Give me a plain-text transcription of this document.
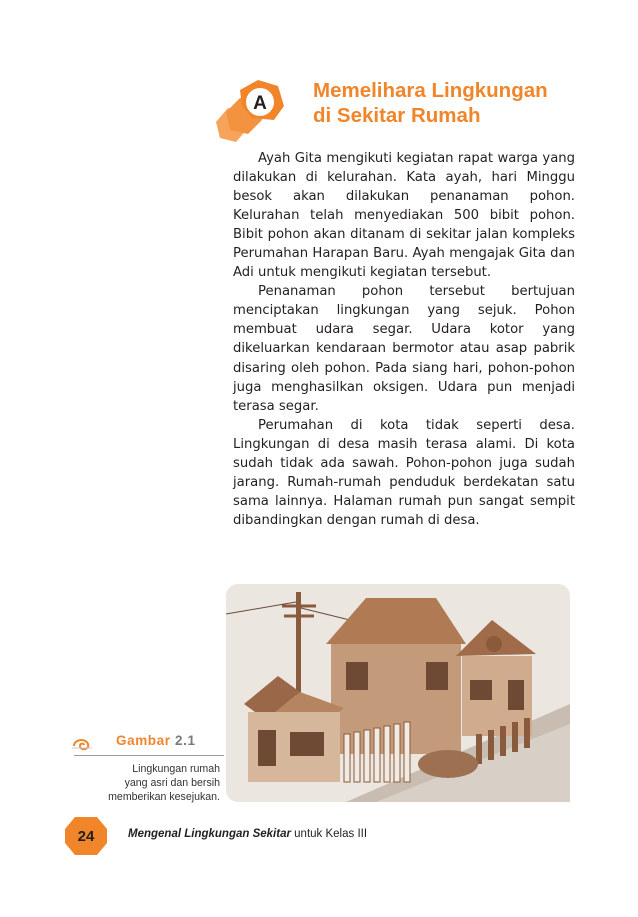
A
Memelihara Lingkungan
di Sekitar Rumah

Ayah Gita mengikuti kegiatan rapat warga yang dilakukan di kelurahan. Kata ayah, hari Minggu besok akan dilakukan penanaman pohon. Kelurahan telah menyediakan 500 bibit pohon. Bibit pohon akan ditanam di sekitar jalan kompleks Perumahan Harapan Baru. Ayah mengajak Gita dan Adi untuk mengikuti kegiatan tersebut.

Penanaman pohon tersebut bertujuan menciptakan lingkungan yang sejuk. Pohon membuat udara segar. Udara kotor yang dikeluarkan kendaraan bermotor atau asap pabrik disaring oleh pohon. Pada siang hari, pohon-pohon juga menghasilkan oksigen. Udara pun menjadi terasa segar.

Perumahan di kota tidak seperti desa. Lingkungan di desa masih terasa alami. Di kota sudah tidak ada sawah. Pohon-pohon juga sudah jarang. Rumah-rumah penduduk berdekatan satu sama lainnya. Halaman rumah pun sangat sempit dibandingkan dengan rumah di desa.

Gambar 2.1
Lingkungan rumah
yang asri dan bersih
memberikan kesejukan.
24	Mengenal Lingkungan Sekitar untuk Kelas III
